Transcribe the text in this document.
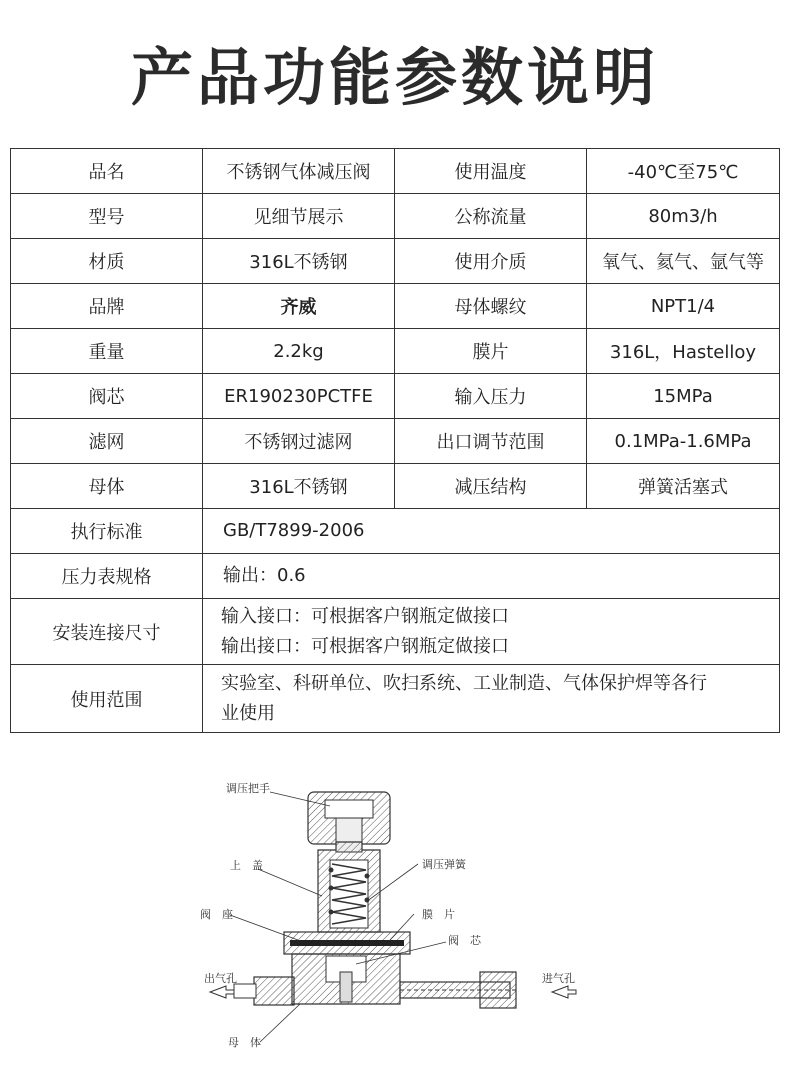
产品功能参数说明
品名	不锈钢气体减压阀	使用温度	-40℃至75℃
型号	见细节展示	公称流量	80m3/h
材质	316L不锈钢	使用介质	氧气、氦气、氩气等
品牌	齐威	母体螺纹	NPT1/4
重量	2.2kg	膜片	316L，Hastelloy
阀芯	ER190230PCTFE	输入压力	15MPa
滤网	不锈钢过滤网	出口调节范围	0.1MPa-1.6MPa
母体	316L不锈钢	减压结构	弹簧活塞式
执行标准	GB/T7899-2006		
压力表规格	输出：0.6		
安装连接尺寸	输入接口：可根据客户钢瓶定做接口
输出接口：可根据客户钢瓶定做接口		

使用范围	实验室、科研单位、吹扫系统、工业制造、气体保护焊等各行
业使用		
调压把手
上　盖	调压弹簧
阀　座	膜　片
阀　芯
出气孔	进气孔
母　体
